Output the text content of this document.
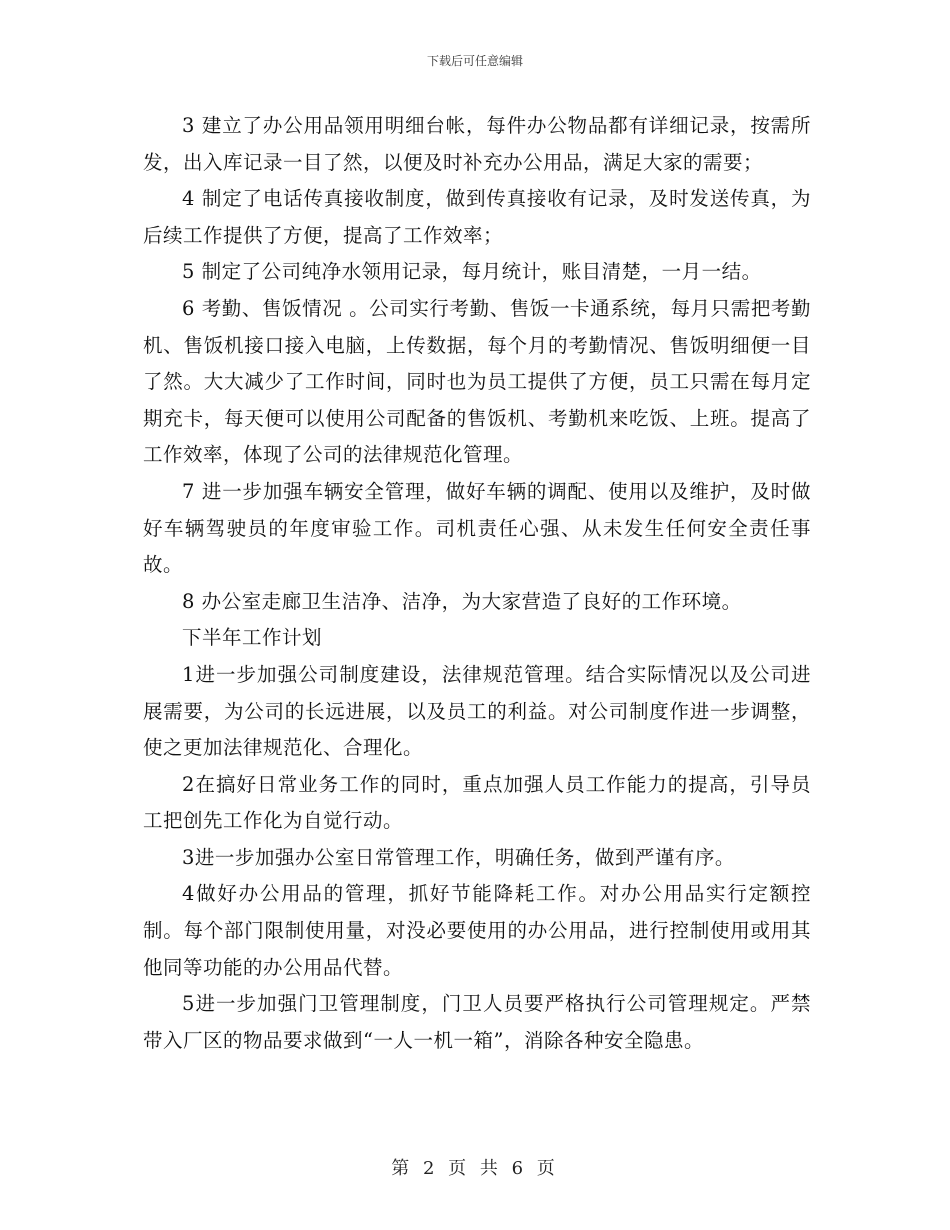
下载后可任意编辑

3 建立了办公用品领用明细台帐，每件办公物品都有详细记录，按需所发，出入库记录一目了然，以便及时补充办公用品，满足大家的需要；

4 制定了电话传真接收制度，做到传真接收有记录，及时发送传真，为后续工作提供了方便，提高了工作效率；

5 制定了公司纯净水领用记录，每月统计，账目清楚，一月一结。

6 考勤、售饭情况 。公司实行考勤、售饭一卡通系统，每月只需把考勤机、售饭机接口接入电脑，上传数据，每个月的考勤情况、售饭明细便一目了然。大大减少了工作时间，同时也为员工提供了方便，员工只需在每月定期充卡，每天便可以使用公司配备的售饭机、考勤机来吃饭、上班。提高了工作效率，体现了公司的法律规范化管理。

7 进一步加强车辆安全管理，做好车辆的调配、使用以及维护，及时做好车辆驾驶员的年度审验工作。司机责任心强、从未发生任何安全责任事故。

8 办公室走廊卫生洁净、洁净，为大家营造了良好的工作环境。

下半年工作计划

1进一步加强公司制度建设，法律规范管理。结合实际情况以及公司进展需要，为公司的长远进展，以及员工的利益。对公司制度作进一步调整，使之更加法律规范化、合理化。

2在搞好日常业务工作的同时，重点加强人员工作能力的提高，引导员工把创先工作化为自觉行动。

3进一步加强办公室日常管理工作，明确任务，做到严谨有序。

4做好办公用品的管理，抓好节能降耗工作。对办公用品实行定额控制。每个部门限制使用量，对没必要使用的办公用品，进行控制使用或用其他同等功能的办公用品代替。

5进一步加强门卫管理制度，门卫人员要严格执行公司管理规定。严禁带入厂区的物品要求做到“一人一机一箱”，消除各种安全隐患。

第 2 页 共 6 页
